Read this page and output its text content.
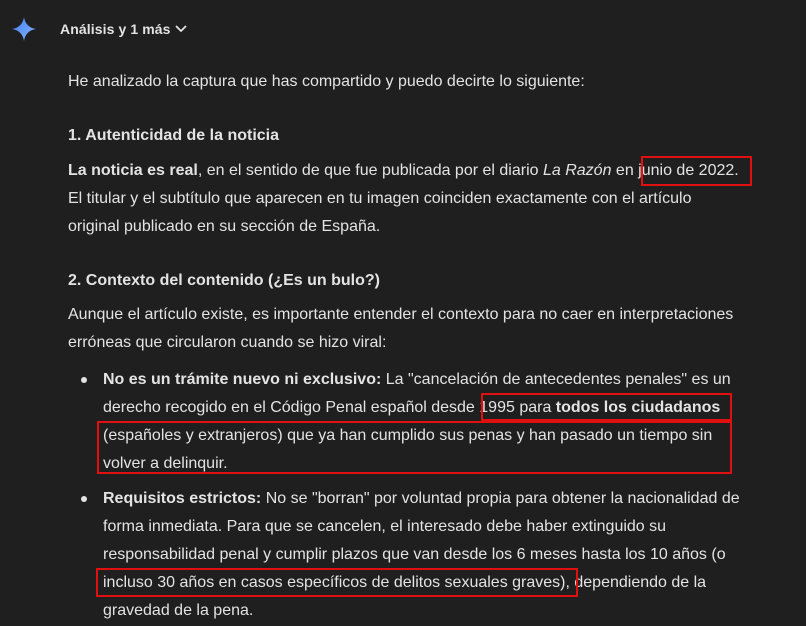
Análisis y 1 más
He analizado la captura que has compartido y puedo decirte lo siguiente:
1. Autenticidad de la noticia
La noticia es real, en el sentido de que fue publicada por el diario La Razón en junio de 2022.
El titular y el subtítulo que aparecen en tu imagen coinciden exactamente con el artículo
original publicado en su sección de España.
2. Contexto del contenido (¿Es un bulo?)
Aunque el artículo existe, es importante entender el contexto para no caer en interpretaciones
erróneas que circularon cuando se hizo viral:
No es un trámite nuevo ni exclusivo: La "cancelación de antecedentes penales" es un
derecho recogido en el Código Penal español desde 1995 para todos los ciudadanos
(españoles y extranjeros) que ya han cumplido sus penas y han pasado un tiempo sin
volver a delinquir.
Requisitos estrictos: No se "borran" por voluntad propia para obtener la nacionalidad de
forma inmediata. Para que se cancelen, el interesado debe haber extinguido su
responsabilidad penal y cumplir plazos que van desde los 6 meses hasta los 10 años (o
incluso 30 años en casos específicos de delitos sexuales graves), dependiendo de la
gravedad de la pena.
